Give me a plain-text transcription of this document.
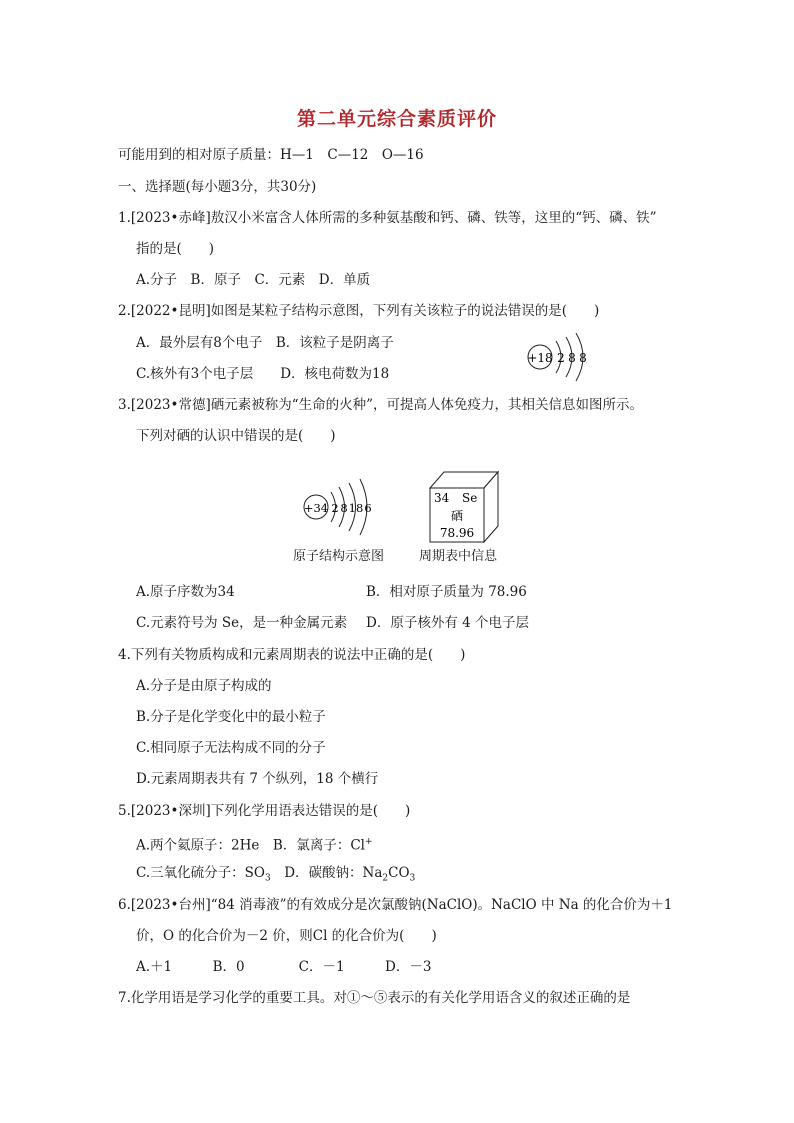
第二单元综合素质评价
可能用到的相对原子质量：H—1　C—12　O—16
一、选择题(每小题3分，共30分)
1.[2023•赤峰]敖汉小米富含人体所需的多种氨基酸和钙、磷、铁等，这里的“钙、磷、铁”
指的是(　　)
A.分子　B．原子　C．元素　D．单质
2.[2022•昆明]如图是某粒子结构示意图，下列有关该粒子的说法错误的是(　　)
A．最外层有8个电子　B．该粒子是阴离子
C.核外有3个电子层　　D．核电荷数为18
+18 2 8 8
3.[2023•常德]硒元素被称为“生命的火种”，可提高人体免疫力，其相关信息如图所示。
下列对硒的认识中错误的是(　　)
+34 2 8 18 6
原子结构示意图
34 Se
硒
78.96
周期表中信息
A.原子序数为34	B．相对原子质量为 78.96
C.元素符号为 Se，是一种金属元素 D．原子核外有 4 个电子层
4.下列有关物质构成和元素周期表的说法中正确的是(　　)
A.分子是由原子构成的
B.分子是化学变化中的最小粒子
C.相同原子无法构成不同的分子
D.元素周期表共有 7 个纵列，18 个横行
5.[2023•深圳]下列化学用语表达错误的是(　　)
A.两个氦原子：2He　 B．氯离子：Cl+
C.三氧化硫分子：$SO_3$　 D．碳酸钠：$Na_2CO_3$
6.[2023•台州]“84 消毒液”的有效成分是次氯酸钠(NaClO)。NaClO 中 Na 的化合价为＋1
价，O 的化合价为－2 价，则Cl 的化合价为(　　)
A.＋1　　　B．0　　　　C．－1　　　D．－3
7.化学用语是学习化学的重要工具。对①～⑤表示的有关化学用语含义的叙述正确的是
